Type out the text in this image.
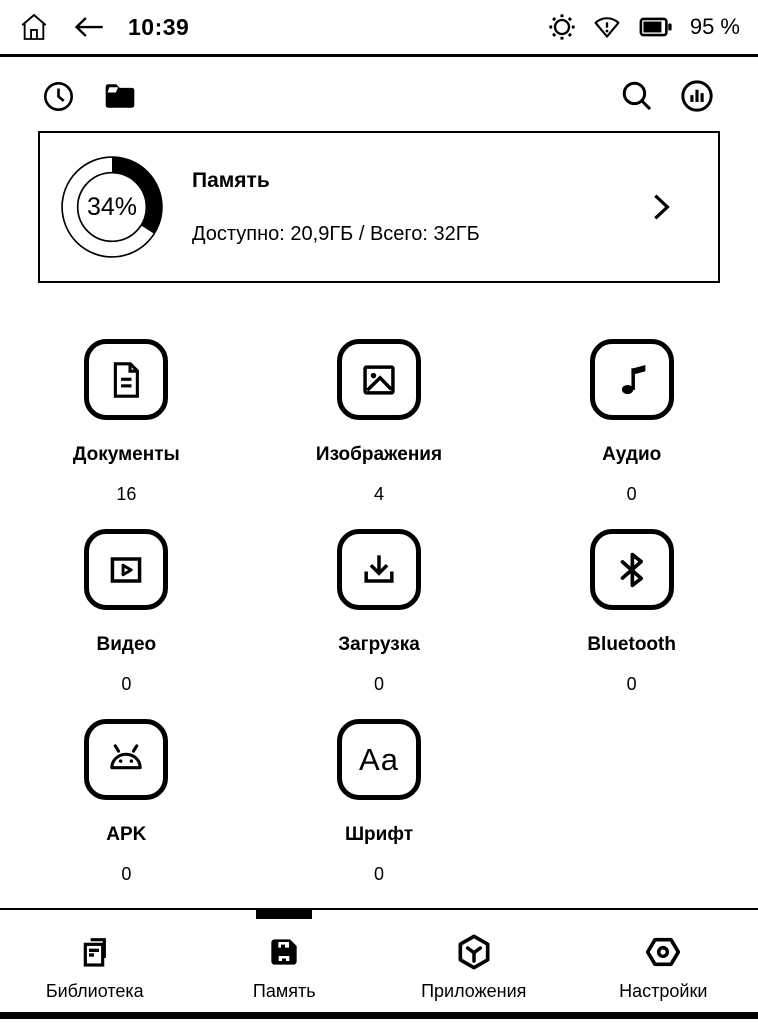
10:39	95 %
34%
Память
Доступно: 20,9ГБ / Всего: 32ГБ
Документы
16
Изображения
4
Аудио
0
Видео
0
Загрузка
0
Bluetooth
0
APK
0
Aa
Шрифт
0
Библиотека	Память	Приложения	Настройки
